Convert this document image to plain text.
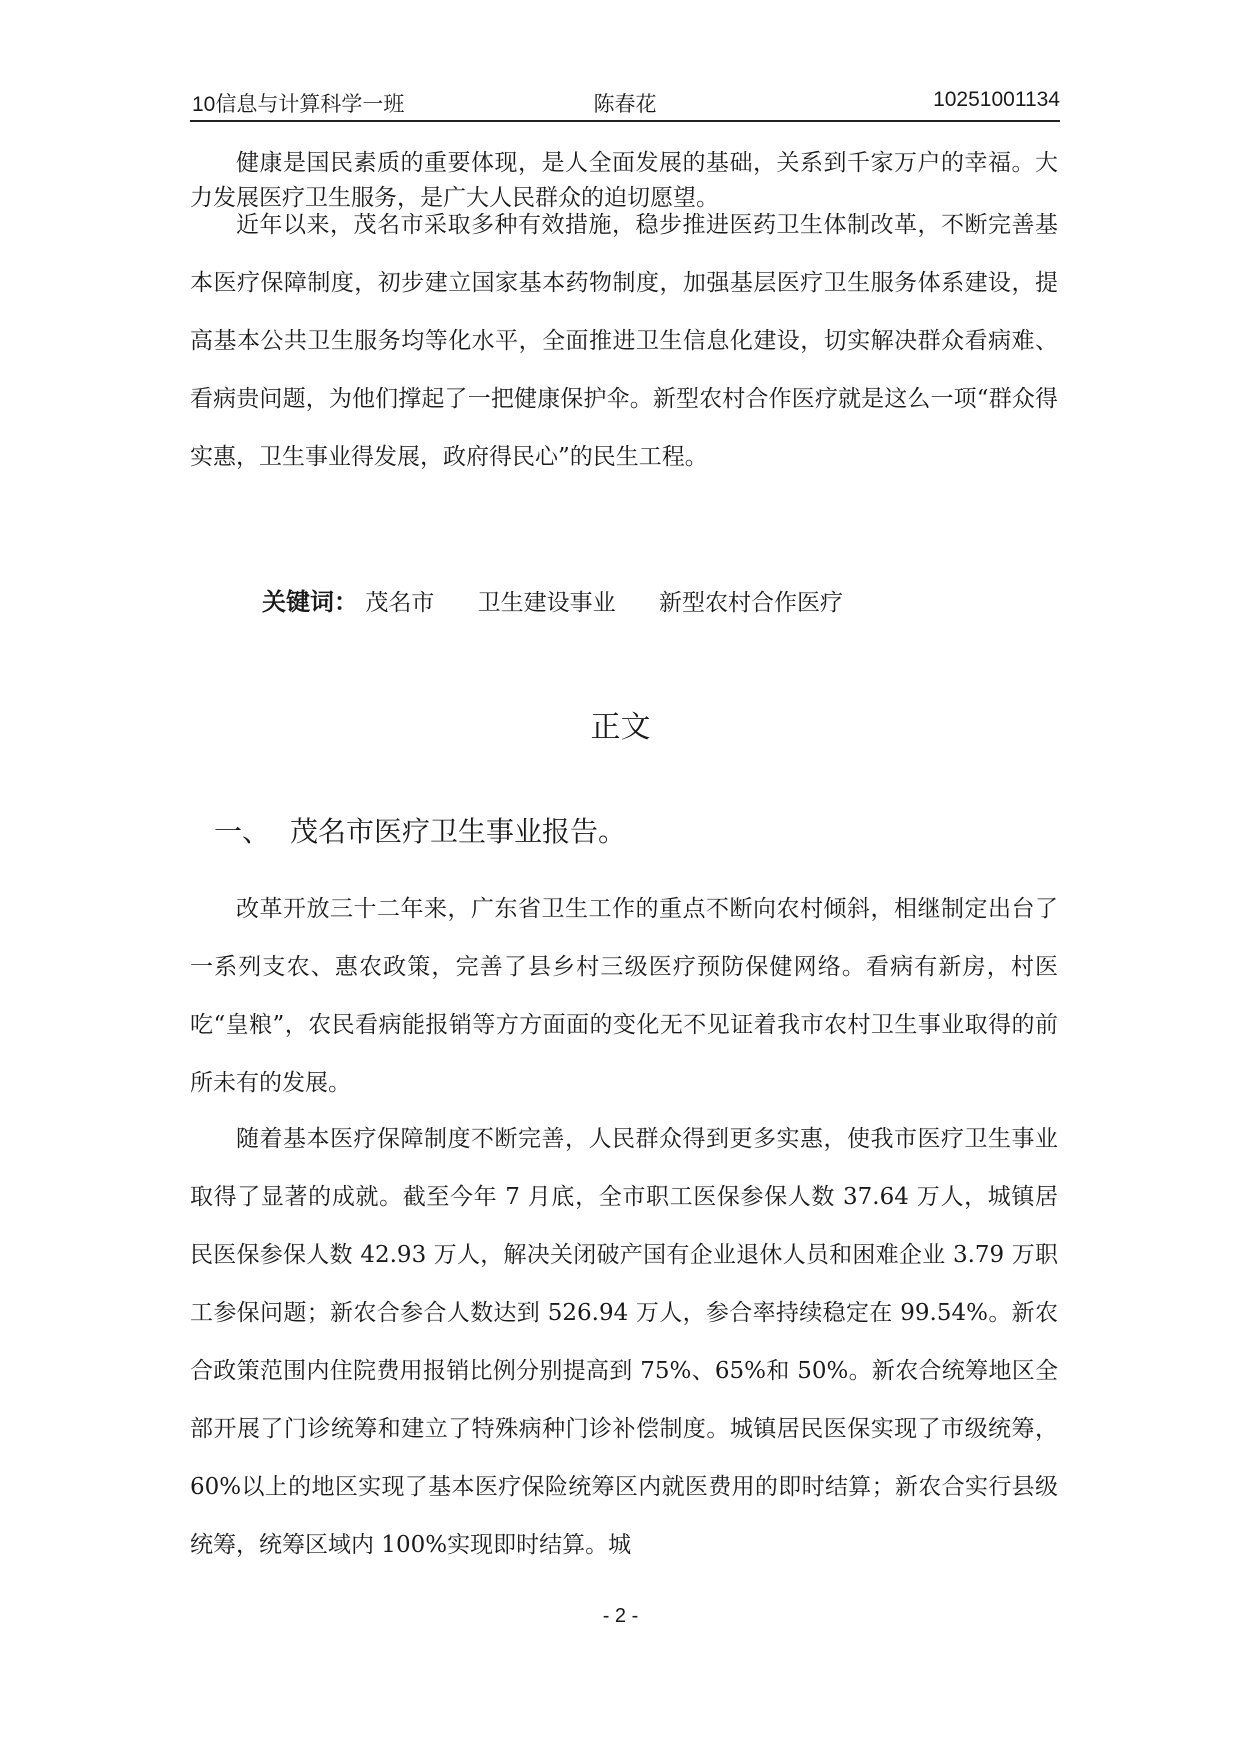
10信息与计算科学一班	陈春花	10251001134

健康是国民素质的重要体现，是人全面发展的基础，关系到千家万户的幸福。大力发展医疗卫生服务，是广大人民群众的迫切愿望。

近年以来，茂名市采取多种有效措施，稳步推进医药卫生体制改革，不断完善基本医疗保障制度，初步建立国家基本药物制度，加强基层医疗卫生服务体系建设，提高基本公共卫生服务均等化水平，全面推进卫生信息化建设，切实解决群众看病难、看病贵问题，为他们撑起了一把健康保护伞。新型农村合作医疗就是这么一项“群众得实惠，卫生事业得发展，政府得民心”的民生工程。

关键词： 茂名市 卫生建设事业 新型农村合作医疗
正文
一、 茂名市医疗卫生事业报告。

改革开放三十二年来，广东省卫生工作的重点不断向农村倾斜，相继制定出台了一系列支农、惠农政策，完善了县乡村三级医疗预防保健网络。看病有新房，村医吃“皇粮”，农民看病能报销等方方面面的变化无不见证着我市农村卫生事业取得的前所未有的发展。

随着基本医疗保障制度不断完善，人民群众得到更多实惠，使我市医疗卫生事业取得了显著的成就。截至今年 7 月底，全市职工医保参保人数 37.64 万人，城镇居民医保参保人数 42.93 万人，解决关闭破产国有企业退休人员和困难企业 3.79 万职工参保问题；新农合参合人数达到 526.94 万人，参合率持续稳定在 99.54%。新农合政策范围内住院费用报销比例分别提高到 75%、65%和 50%。新农合统筹地区全部开展了门诊统筹和建立了特殊病种门诊补偿制度。城镇居民医保实现了市级统筹，60%以上的地区实现了基本医疗保险统筹区内就医费用的即时结算；新农合实行县级统筹，统筹区域内 100%实现即时结算。城

- 2 -
